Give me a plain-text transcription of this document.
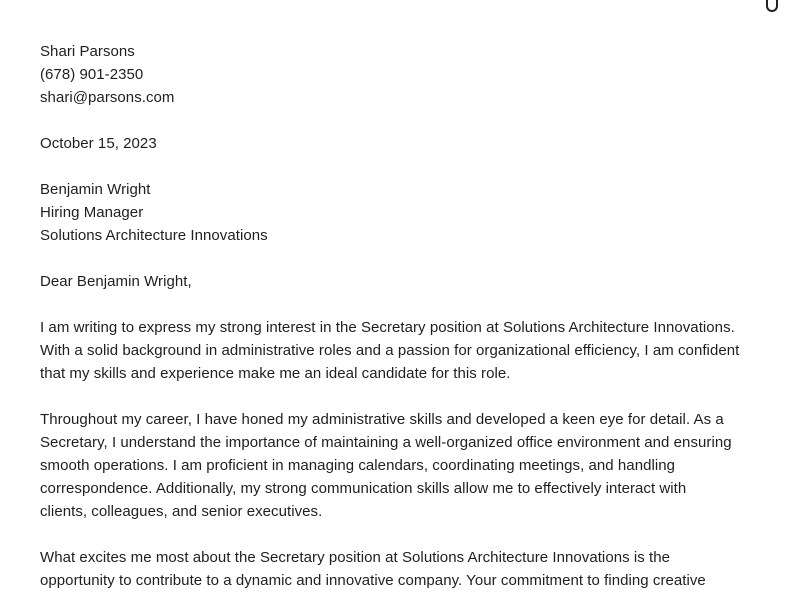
Shari Parsons
(678) 901-2350
shari@parsons.com
October 15, 2023
Benjamin Wright
Hiring Manager
Solutions Architecture Innovations
Dear Benjamin Wright,
I am writing to express my strong interest in the Secretary position at Solutions Architecture Innovations.
With a solid background in administrative roles and a passion for organizational efficiency, I am confident
that my skills and experience make me an ideal candidate for this role.
Throughout my career, I have honed my administrative skills and developed a keen eye for detail. As a
Secretary, I understand the importance of maintaining a well-organized office environment and ensuring
smooth operations. I am proficient in managing calendars, coordinating meetings, and handling
correspondence. Additionally, my strong communication skills allow me to effectively interact with
clients, colleagues, and senior executives.
What excites me most about the Secretary position at Solutions Architecture Innovations is the
opportunity to contribute to a dynamic and innovative company. Your commitment to finding creative
